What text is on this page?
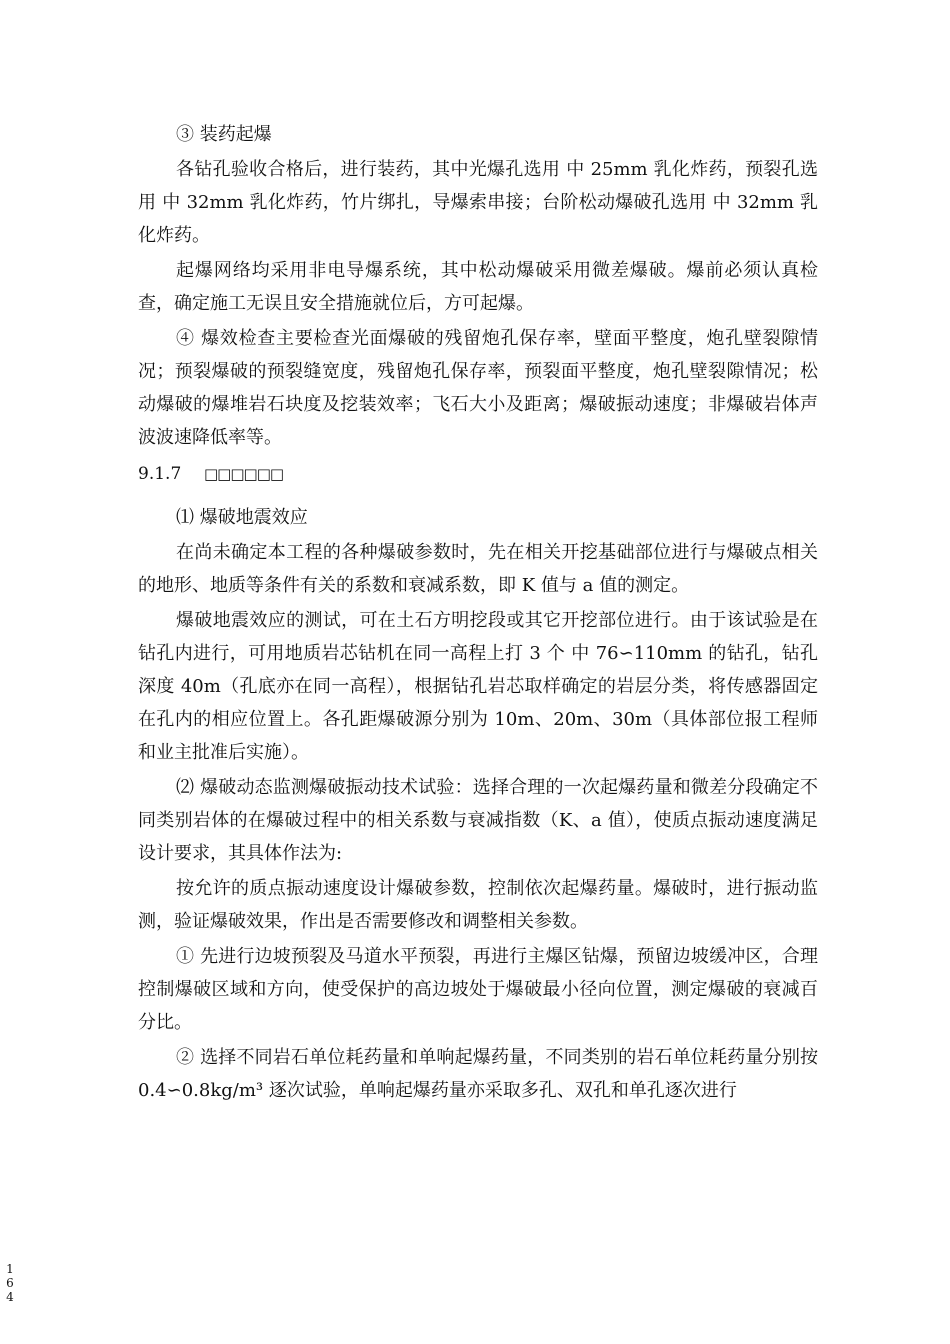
③ 装药起爆

各钻孔验收合格后，进行装药，其中光爆孔选用 中 25mm 乳化炸药，预裂孔选用 中 32mm 乳化炸药，竹片绑扎，导爆索串接；台阶松动爆破孔选用 中 32mm 乳化炸药。

起爆网络均采用非电导爆系统，其中松动爆破采用微差爆破。爆前必须认真检查，确定施工无误且安全措施就位后，方可起爆。

④ 爆效检查主要检查光面爆破的残留炮孔保存率，壁面平整度，炮孔壁裂隙情况；预裂爆破的预裂缝宽度，残留炮孔保存率，预裂面平整度，炮孔壁裂隙情况；松动爆破的爆堆岩石块度及挖装效率；飞石大小及距离；爆破振动速度；非爆破岩体声波波速降低率等。

9.1.7	□□□□□□

⑴ 爆破地震效应

在尚未确定本工程的各种爆破参数时，先在相关开挖基础部位进行与爆破点相关的地形、地质等条件有关的系数和衰减系数，即 K 值与 a 值的测定。

爆破地震效应的测试，可在土石方明挖段或其它开挖部位进行。由于该试验是在钻孔内进行，可用地质岩芯钻机在同一高程上打 3 个 中 76∽110mm 的钻孔，钻孔深度 40m（孔底亦在同一高程），根据钻孔岩芯取样确定的岩层分类，将传感器固定在孔内的相应位置上。各孔距爆破源分别为 10m、20m、30m（具体部位报工程师和业主批准后实施）。

⑵ 爆破动态监测爆破振动技术试验：选择合理的一次起爆药量和微差分段确定不同类别岩体的在爆破过程中的相关系数与衰减指数（K、a 值），使质点振动速度满足设计要求，其具体作法为:

按允许的质点振动速度设计爆破参数，控制依次起爆药量。爆破时，进行振动监测，验证爆破效果，作出是否需要修改和调整相关参数。

① 先进行边坡预裂及马道水平预裂，再进行主爆区钻爆，预留边坡缓冲区，合理控制爆破区域和方向，使受保护的高边坡处于爆破最小径向位置，测定爆破的衰减百分比。

② 选择不同岩石单位耗药量和单响起爆药量，不同类别的岩石单位耗药量分别按 0.4∽0.8kg/m³ 逐次试验，单响起爆药量亦采取多孔、双孔和单孔逐次进行

1
6
4
